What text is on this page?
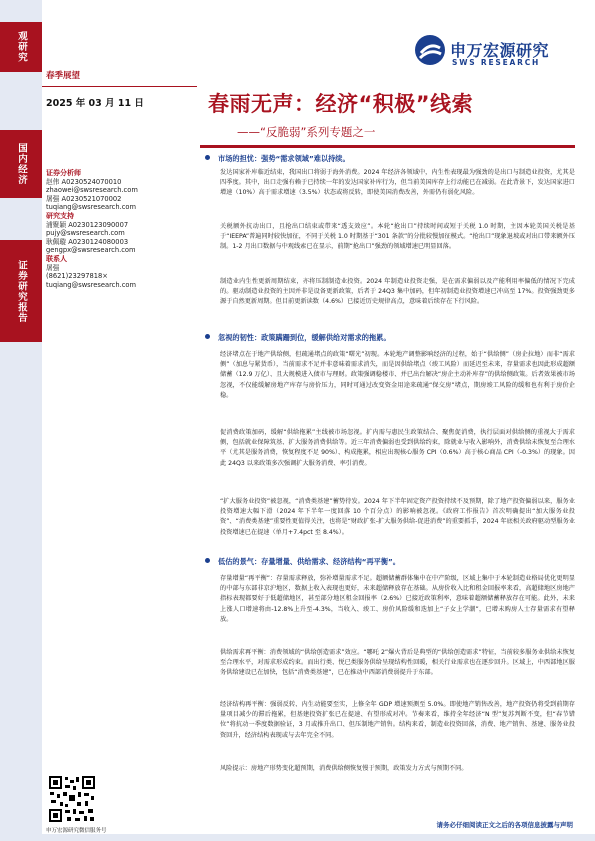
观研究
国内经济
证券研究报告
春季展望
2025 年 03 月 11 日
申万宏源研究
SWS RESEARCH
春雨无声：经济“积极”线索
——“反脆弱”系列专题之一
证券分析师
赵伟 A0230524070010
zhaowei@swsresearch.com
屠强 A0230521070002
tuqiang@swsresearch.com
研究支持
浦聚颖 A0230123090007
pujy@swsresearch.com
耿佩璇 A0230124080003
gengpx@swsresearch.com
联系人
屠强
(8621)23297818×
tuqiang@swsresearch.com
市场的担忧：强势“需求领域”难以持续。
发达国家补库临近结束，我国出口将弱于海外消费。2024 年经济各领域中，内生性表现最为强劲的是出口与制造业投资，尤其是四季度。其中，出口走强有赖于已持续一年的发达国家补库行为，但当前美国库存上行动能已在减弱。在此背景下，发达国家进口增速（10%）高于需求增速（3.5%）状态或将反转，即使美国消费改善，外需仍有弱化风险。
关税额外抗动出口，且抢出口结束或带来“透支效应”。本轮“抢出口”持续时间或短于关税 1.0 时期，主因本轮美国关税是基于“IEEPA”普遍同时较快加征，不同于关税 1.0 时期基于“301 条款”的分批较慢加征模式。“抢出口”现象退坡或对出口带来额外压制。1-2 月出口数据与中观线索已在显示，前期“抢出口”强劲的领域增速已明显回落。
制造业内生性更新周期结束，亦将压制制造业投资。2024 年制造业投资走强，是在需求偏弱以及产能利用率偏低的情况下完成的。驱动制造业投资的主因并非是设备更新政策，后者于 24Q3 集中加码，但年初制造业投资增速已冲高至 17%。投资强劲更多源于自然更新周期。但目前更新读数（4.6%）已接近历史规律高点，意味着后续存在下行风险。
忽视的韧性：政策蹒跚到位，缓解供给对需求的拖累。
经济堵点在于地产供给侧，但疏通堵点的政策“曙光”初现。本轮地产调整影响经济的过程，始于“供给侧”（房企拉地）而非“需求侧”（加息与紧货币），当前需求不足并非意味着需求消失，而是因供给堵点（竣工风险）而延迟至未来，存量需求也因此形成超额储蓄（12.9 万亿）、且大规模进入债市与理财。政策强调稳楼市、并已出台解决“房企主动补库存”的供给侧政策。后者效果被市场忽视，不仅能缓解房地产库存与房价压力，同时可通过改变资金用途来疏通“保交房”堵点，期房竣工风险的缓和也有利于房价企稳。
促消费政策加码，缓解“供给拖累”主线被市场忽视。扩内需与惠民生政策结合、聚焦促消费，执行层面对供给侧的重视大于需求侧，包括就业保障筑基、扩大服务消费供给等。近三年消费偏弱也受到供给约束，除就业与收入影响外，消费供给未恢复至合理水平（尤其是服务消费，恢复程度不足 90%）、构成拖累，相应出现核心服务 CPI（0.6%）高于核心商品 CPI（-0.3%）的现象。因此 24Q3 以来政策多次强调扩大服务消费、率引消费。
“扩大服务业投资”被忽视，“消费类基建”蓄势待发。2024 年下半年固定资产投资持续不及预期，除了地产投资偏弱以来，服务业投资增速大幅下滑（2024 年下半年一度回落 10 个百分点）的影响被忽视。《政府工作报告》首次明确提出“加大服务业投资”、“消费类基建”重要性更值得关注，也将是“财政扩张-扩大服务供给-促进消费”的重要抓手，2024 年底相关政府驱动型服务业投资增速已在提速（单月+7.4pct 至 8.4%）。
低估的景气：存量增量、供给需求、经济结构“再平衡”。
存量增量“再平衡”：存量需求释放，弥补增量需求不足。超额储蓄群体集中在中产阶级，区域上集中于本轮制造业格局优化更明显的中部与东部非京沪地区，数据上收入表现也更好，未来超储释放存在基础。从房价收入比和租金回报率来看，高超储地区房地产指标表现都要好于低超储地区，甚至部分地区租金回报率（2.6%）已接近政策利率，意味着超额储蓄释放存在可能。此外，未来上涨人口增速将由-12.8%上升至-4.3%，当收入、竣工、房价风险缓和迭加上“子女上学潮”，已增未购房人士存量需求有望释放。
供给需求再平衡：消费领域的“供给创造需求”效应。“哪吒 2”爆火背后是典型的“供给创造需求”特征，当前较多服务业供给未恢复至合理水平，对需求形成约束。而出行类、悦已类服务供给呈现结构性回暖，相关行业需求也在逐步回升。区域上，中西部地区服务供给建设已在加快，包括“消费类基建”，已在推动中西部消费弱提升于东部。
经济结构再平衡：强弱反转、内生动能要至实，上修全年 GDP 增速预测至 5.0%。即使地产销售改善，地产投资仍将受到前期存量项目减少的滞后拖累，但基建投资扩张已在提速、有望形成对冲。节奏来看，维持全年经济“N 型”复苏判断不变，但“春节错位”将抗动一季度数据验证，3 月或推升出口、但压制地产销售。结构来看，制造业投资回落，消费、地产销售、基建、服务业投资回升，经济结构表现或与去年完全不同。
风险提示：房地产形势变化超预期，消费供给侧恢复慢于预期，政策发力方式与预期不同。
申万宏源研究微信服务号
请务必仔细阅读正文之后的各项信息披露与声明
